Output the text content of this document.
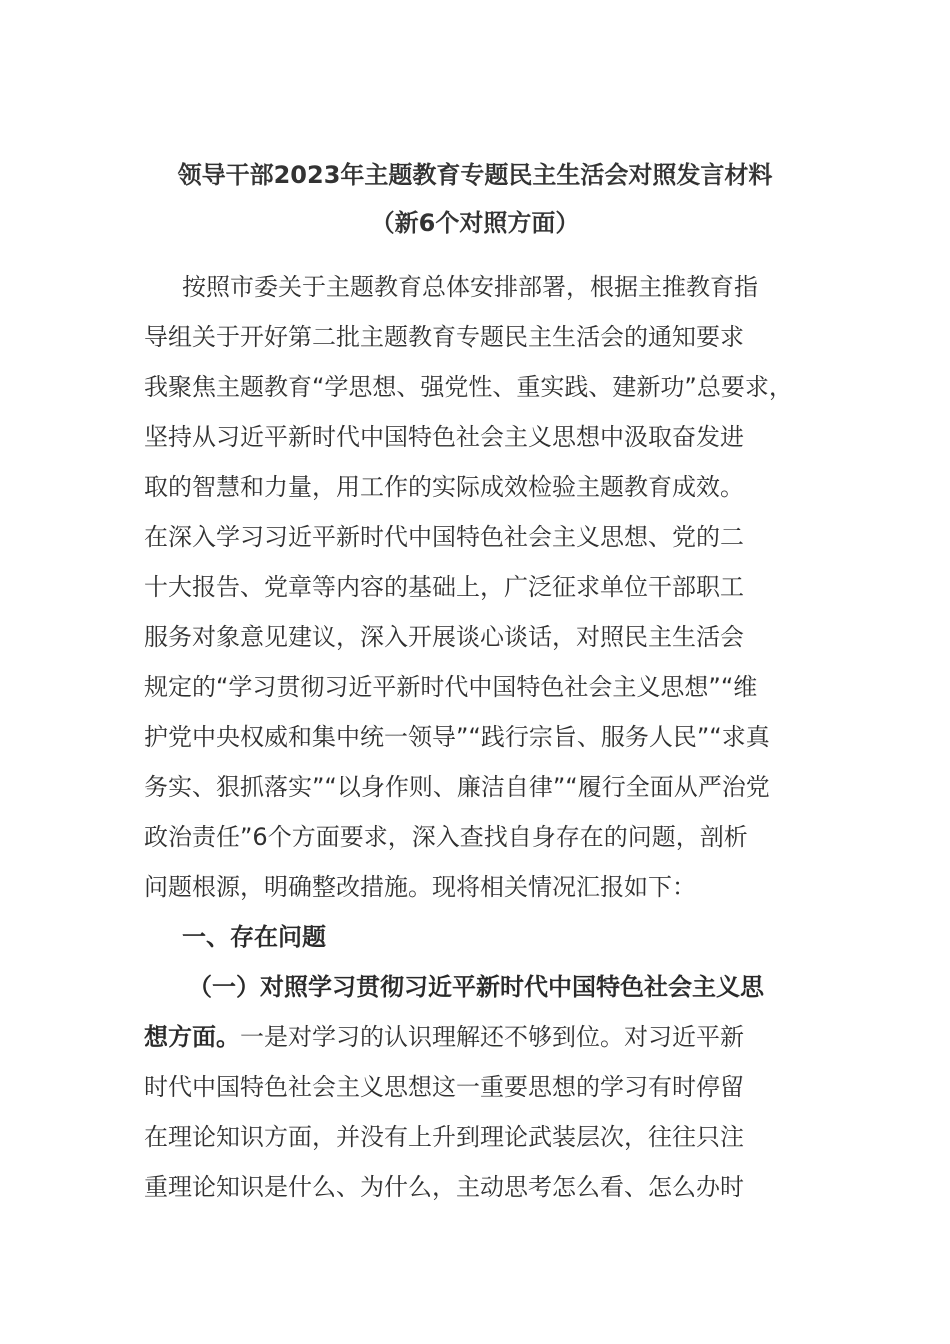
领导干部2023年主题教育专题民主生活会对照发言材料
（新6个对照方面）
按照市委关于主题教育总体安排部署，根据主推教育指
导组关于开好第二批主题教育专题民主生活会的通知要求
我聚焦主题教育“学思想、强党性、重实践、建新功”总要求，
坚持从习近平新时代中国特色社会主义思想中汲取奋发进
取的智慧和力量，用工作的实际成效检验主题教育成效。
在深入学习习近平新时代中国特色社会主义思想、党的二
十大报告、党章等内容的基础上，广泛征求单位干部职工
服务对象意见建议，深入开展谈心谈话，对照民主生活会
规定的“学习贯彻习近平新时代中国特色社会主义思想”“维
护党中央权威和集中统一领导”“践行宗旨、服务人民”“求真
务实、狠抓落实”“以身作则、廉洁自律”“履行全面从严治党
政治责任”6个方面要求，深入查找自身存在的问题，剖析
问题根源，明确整改措施。现将相关情况汇报如下：
一、存在问题
（一）对照学习贯彻习近平新时代中国特色社会主义思
想方面。一是对学习的认识理解还不够到位。对习近平新
时代中国特色社会主义思想这一重要思想的学习有时停留
在理论知识方面，并没有上升到理论武装层次，往往只注
重理论知识是什么、为什么，主动思考怎么看、怎么办时
